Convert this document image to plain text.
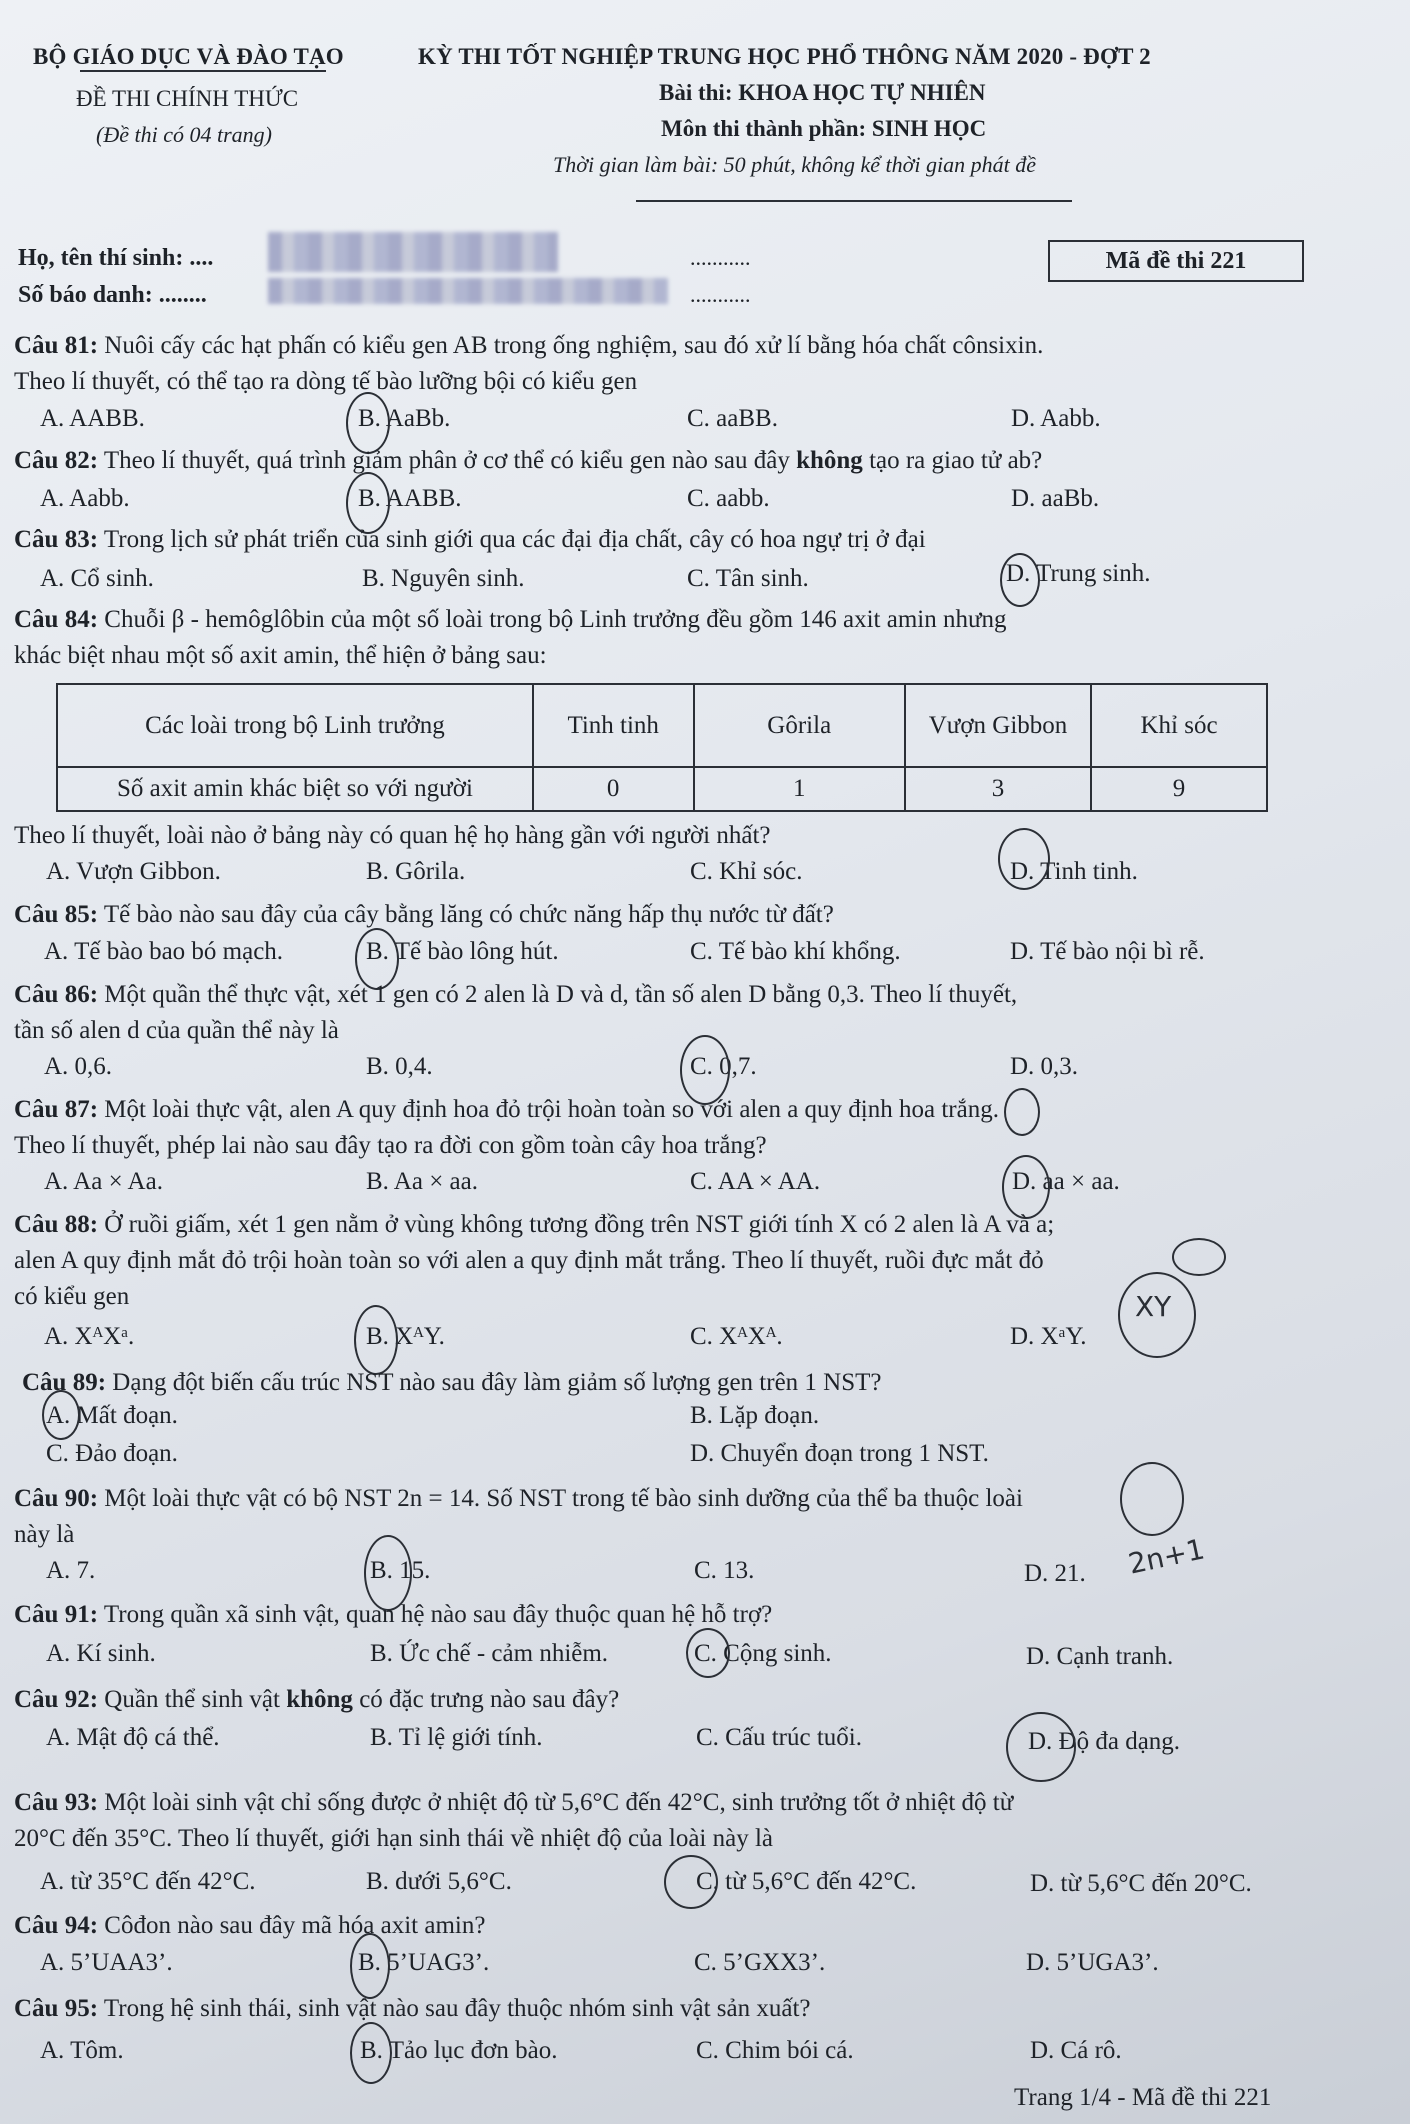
BỘ GIÁO DỤC VÀ ĐÀO TẠO	KỲ THI TỐT NGHIỆP TRUNG HỌC PHỔ THÔNG NĂM 2020 - ĐỢT 2
ĐỀ THI CHÍNH THỨC
(Đề thi có 04 trang)
Bài thi: KHOA HỌC TỰ NHIÊN
Môn thi thành phần: SINH HỌC
Thời gian làm bài: 50 phút, không kể thời gian phát đề
Họ, tên thí sinh: ....	...........
Số báo danh: ........	...........
Mã đề thi 221
Câu 81: Nuôi cấy các hạt phấn có kiểu gen AB trong ống nghiệm, sau đó xử lí bằng hóa chất cônsixin.
Theo lí thuyết, có thể tạo ra dòng tế bào lưỡng bội có kiểu gen
A. AABB.	B. AaBb.	C. aaBB.	D. Aabb.
Câu 82: Theo lí thuyết, quá trình giảm phân ở cơ thể có kiểu gen nào sau đây không tạo ra giao tử ab?
A. Aabb.	B. AABB.	C. aabb.	D. aaBb.
Câu 83: Trong lịch sử phát triển của sinh giới qua các đại địa chất, cây có hoa ngự trị ở đại
A. Cổ sinh.	B. Nguyên sinh.	C. Tân sinh.	D. Trung sinh.
Câu 84: Chuỗi β - hemôglôbin của một số loài trong bộ Linh trưởng đều gồm 146 axit amin nhưng
khác biệt nhau một số axit amin, thể hiện ở bảng sau:
Các loài trong bộ Linh trưởng	Tinh tinh	Gôrila	Vượn Gibbon	Khỉ sóc
Số axit amin khác biệt so với người	0	1	3	9
Theo lí thuyết, loài nào ở bảng này có quan hệ họ hàng gần với người nhất?
A. Vượn Gibbon.	B. Gôrila.	C. Khỉ sóc.	D. Tinh tinh.
Câu 85: Tế bào nào sau đây của cây bằng lăng có chức năng hấp thụ nước từ đất?
A. Tế bào bao bó mạch.	B. Tế bào lông hút.	C. Tế bào khí khổng.	D. Tế bào nội bì rễ.
Câu 86: Một quần thể thực vật, xét 1 gen có 2 alen là D và d, tần số alen D bằng 0,3. Theo lí thuyết,
tần số alen d của quần thể này là
A. 0,6.	B. 0,4.	C. 0,7.	D. 0,3.
Câu 87: Một loài thực vật, alen A quy định hoa đỏ trội hoàn toàn so với alen a quy định hoa trắng.
Theo lí thuyết, phép lai nào sau đây tạo ra đời con gồm toàn cây hoa trắng?
A. Aa × Aa.	B. Aa × aa.	C. AA × AA.	D. aa × aa.
Câu 88: Ở ruồi giấm, xét 1 gen nằm ở vùng không tương đồng trên NST giới tính X có 2 alen là A và a;
alen A quy định mắt đỏ trội hoàn toàn so với alen a quy định mắt trắng. Theo lí thuyết, ruồi đực mắt đỏ
có kiểu gen	XY
A. XᴬXᵃ.	B. XᴬY.	C. XᴬXᴬ.	D. XᵃY.
Câu 89: Dạng đột biến cấu trúc NST nào sau đây làm giảm số lượng gen trên 1 NST?
A. Mất đoạn.	B. Lặp đoạn.
C. Đảo đoạn.	D. Chuyển đoạn trong 1 NST.
Câu 90: Một loài thực vật có bộ NST 2n = 14. Số NST trong tế bào sinh dưỡng của thể ba thuộc loài
này là
A. 7.	B. 15.	C. 13.	D. 21. 2n+1
Câu 91: Trong quần xã sinh vật, quan hệ nào sau đây thuộc quan hệ hỗ trợ?
A. Kí sinh.	B. Ức chế - cảm nhiễm.	C. Cộng sinh.	D. Cạnh tranh.
Câu 92: Quần thể sinh vật không có đặc trưng nào sau đây?
A. Mật độ cá thể.	B. Tỉ lệ giới tính.	C. Cấu trúc tuổi.	D. Độ đa dạng.
Câu 93: Một loài sinh vật chỉ sống được ở nhiệt độ từ 5,6°C đến 42°C, sinh trưởng tốt ở nhiệt độ từ
20°C đến 35°C. Theo lí thuyết, giới hạn sinh thái về nhiệt độ của loài này là
A. từ 35°C đến 42°C.	B. dưới 5,6°C.	C. từ 5,6°C đến 42°C.	D. từ 5,6°C đến 20°C.
Câu 94: Côđon nào sau đây mã hóa axit amin?
A. 5’UAA3’.	B. 5’UAG3’.	C. 5’GXX3’.	D. 5’UGA3’.
Câu 95: Trong hệ sinh thái, sinh vật nào sau đây thuộc nhóm sinh vật sản xuất?
A. Tôm.	B. Tảo lục đơn bào.	C. Chim bói cá.	D. Cá rô.
Trang 1/4 - Mã đề thi 221
